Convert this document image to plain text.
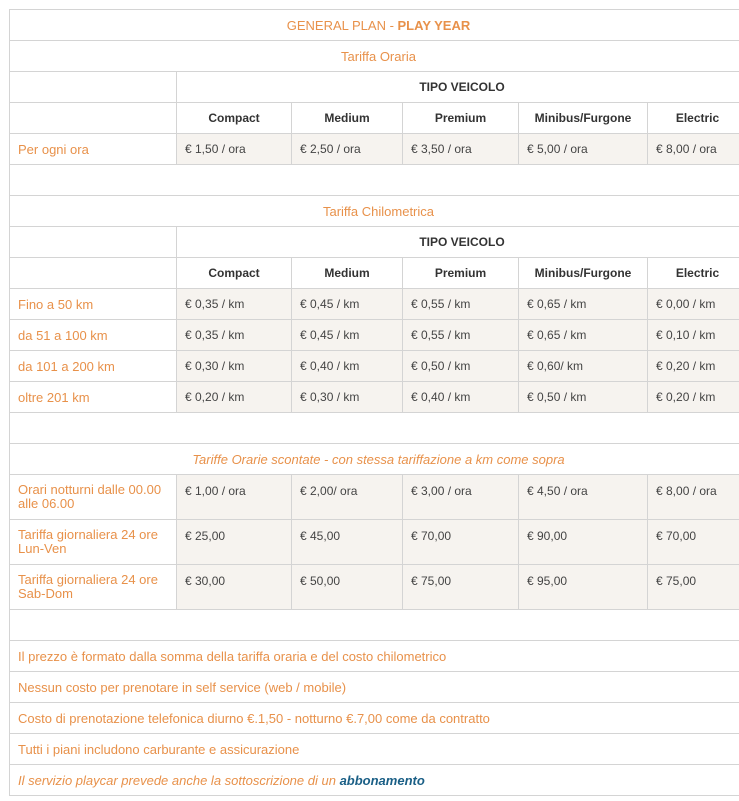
GENERAL PLAN - PLAY YEAR					
Tariffa Oraria					
	TIPO VEICOLO				
	Compact	Medium	Premium	Minibus/Furgone	Electric
Per ogni ora	€ 1,50 / ora	€ 2,50 / ora	€ 3,50 / ora	€ 5,00 / ora	€ 8,00 / ora

Tariffa Chilometrica					
	TIPO VEICOLO				
	Compact	Medium	Premium	Minibus/Furgone	Electric
Fino a 50 km	€ 0,35 / km	€ 0,45 / km	€ 0,55 / km	€ 0,65 / km	€ 0,00 / km
da 51 a 100 km	€ 0,35 / km	€ 0,45 / km	€ 0,55 / km	€ 0,65 / km	€ 0,10 / km
da 101 a 200 km	€ 0,30 / km	€ 0,40 / km	€ 0,50 / km	€ 0,60/ km	€ 0,20 / km
oltre 201 km	€ 0,20 / km	€ 0,30 / km	€ 0,40 / km	€ 0,50 / km	€ 0,20 / km

Tariffe Orarie scontate - con stessa tariffazione a km come sopra					
Orari notturni dalle 00.00 alle 06.00	€ 1,00 / ora	€ 2,00/ ora	€ 3,00 / ora	€ 4,50 / ora	€ 8,00 / ora
Tariffa giornaliera 24 ore Lun-Ven	€ 25,00	€ 45,00	€ 70,00	€ 90,00	€ 70,00
Tariffa giornaliera 24 ore Sab-Dom	€ 30,00	€ 50,00	€ 75,00	€ 95,00	€ 75,00

Il prezzo è formato dalla somma della tariffa oraria e del costo chilometrico					
Nessun costo per prenotare in self service (web / mobile)					
Costo di prenotazione telefonica diurno €.1,50 - notturno €.7,00 come da contratto					
Tutti i piani includono carburante e assicurazione					
Il servizio playcar prevede anche la sottoscrizione di un abbonamento					
